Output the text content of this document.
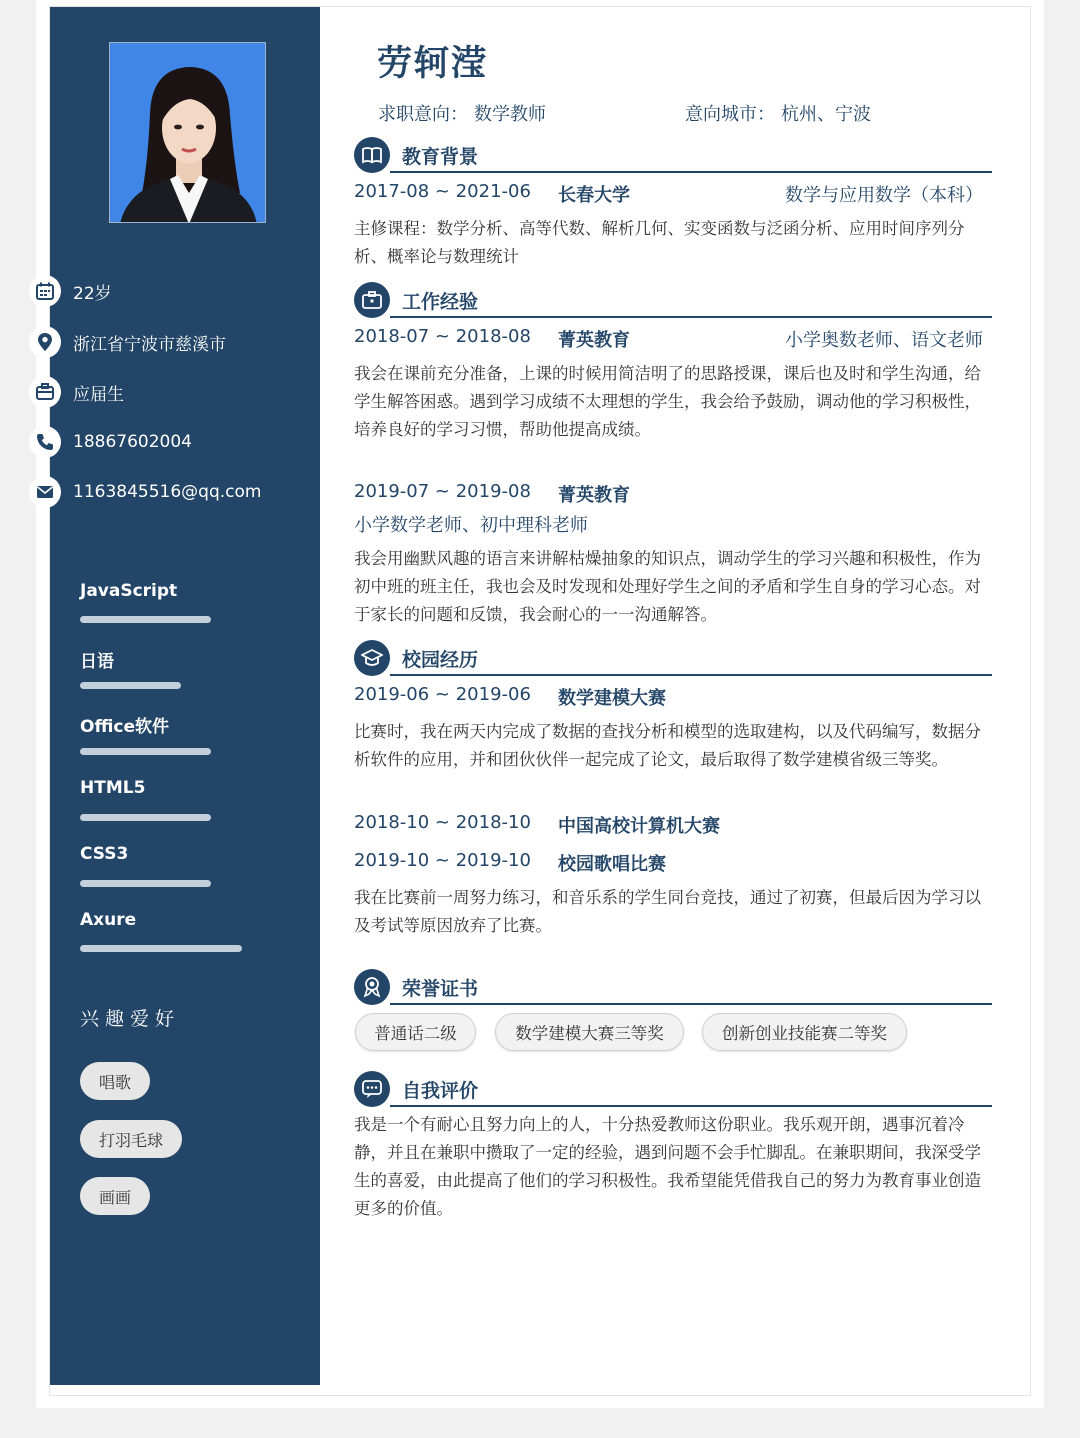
22岁
浙江省宁波市慈溪市
应届生
18867602004
1163845516@qq.com
JavaScript
日语
Office软件
HTML5
CSS3
Axure
兴趣爱好
唱歌
打羽毛球
画画
劳轲滢
求职意向： 数学教师	意向城市： 杭州、宁波
教育背景
2017-08 ~ 2021-06 长春大学	数学与应用数学（本科）
主修课程：数学分析、高等代数、解析几何、实变函数与泛函分析、应用时间序列分析、概率论与数理统计
工作经验
2018-07 ~ 2018-08 菁英教育	小学奥数老师、语文老师
我会在课前充分准备，上课的时候用简洁明了的思路授课，课后也及时和学生沟通，给学生解答困惑。遇到学习成绩不太理想的学生，我会给予鼓励，调动他的学习积极性，培养良好的学习习惯，帮助他提高成绩。
2019-07 ~ 2019-08 菁英教育
小学数学老师、初中理科老师
我会用幽默风趣的语言来讲解枯燥抽象的知识点，调动学生的学习兴趣和积极性，作为初中班的班主任，我也会及时发现和处理好学生之间的矛盾和学生自身的学习心态。对于家长的问题和反馈，我会耐心的一一沟通解答。
校园经历
2019-06 ~ 2019-06 数学建模大赛
比赛时，我在两天内完成了数据的查找分析和模型的选取建构，以及代码编写，数据分析软件的应用，并和团伙伙伴一起完成了论文，最后取得了数学建模省级三等奖。
2018-10 ~ 2018-10 中国高校计算机大赛
2019-10 ~ 2019-10 校园歌唱比赛
我在比赛前一周努力练习，和音乐系的学生同台竞技，通过了初赛，但最后因为学习以及考试等原因放弃了比赛。
荣誉证书
普通话二级	数学建模大赛三等奖	创新创业技能赛二等奖
自我评价
我是一个有耐心且努力向上的人，十分热爱教师这份职业。我乐观开朗，遇事沉着冷静，并且在兼职中攒取了一定的经验，遇到问题不会手忙脚乱。在兼职期间，我深受学生的喜爱，由此提高了他们的学习积极性。我希望能凭借我自己的努力为教育事业创造更多的价值。
